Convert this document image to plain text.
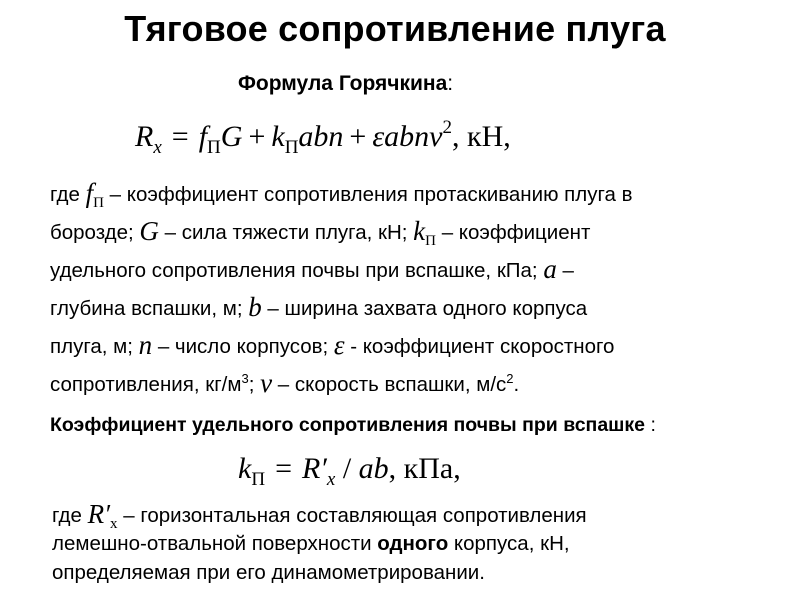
Тяговое сопротивление плуга
Формула Горячкина:
$R_x = f_ПG + k_Пabn$ + εabnv$^2$, кН,
где $f_П$ – коэффициент сопротивления протаскиванию плуга в
борозде; G – сила тяжести плуга, кН; $k_П$ – коэффициент
удельного сопротивления почвы при вспашке, кПа; a –
глубина вспашки, м; b – ширина захвата одного корпуса
плуга, м; n – число корпусов; ε - коэффициент скоростного
сопротивления, $кг/м^3$; v – скорость вспашки, $м/с^2$.
Коэффициент удельного сопротивления почвы при вспашке :
$k_П = R'_x$ / ab, кПа,
где $R'_x$ – горизонтальная составляющая сопротивления
лемешно-отвальной поверхности одного корпуса, кН,
определяемая при его динамометрировании.
